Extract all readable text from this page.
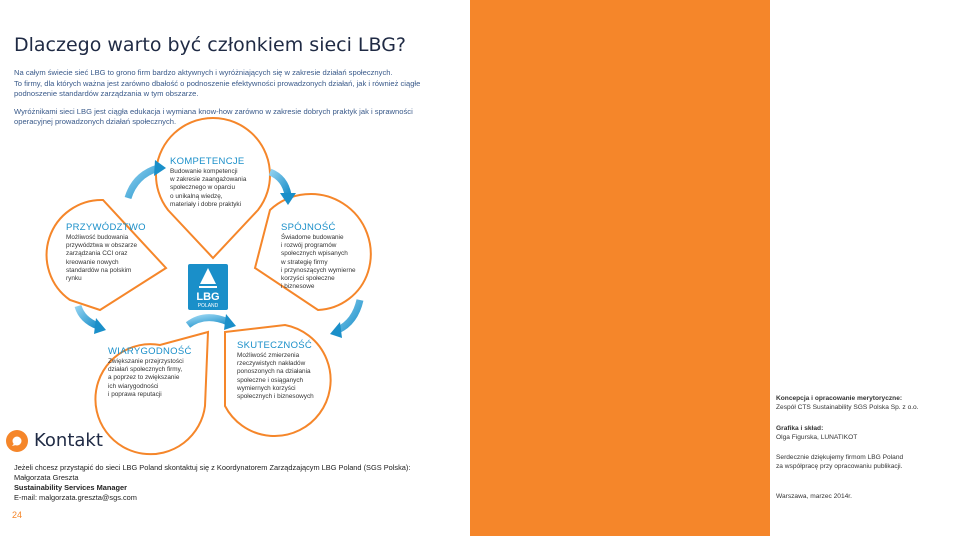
Dlaczego warto być członkiem sieci LBG?

Na całym świecie sieć LBG to grono firm bardzo aktywnych i wyróżniających się w zakresie działań społecznych.
To firmy, dla których ważna jest zarówno dbałość o podnoszenie efektywności prowadzonych działań, jak i również ciągłe
podnoszenie standardów zarządzania w tym obszarze.

Wyróżnikami sieci LBG jest ciągła edukacja i wymiana know-how zarówno w zakresie dobrych praktyk jak i sprawności
operacyjnej prowadzonych działań społecznych.

LBG
POLAND
KOMPETENCJE
Budowanie kompetencji
w zakresie zaangażowania
społecznego w oparciu
o unikalną wiedzę,
materiały i dobre praktyki
PRZYWÓDZTWO
Możliwość budowania
przywództwa w obszarze
zarządzania CCI oraz
kreowanie nowych
standardów na polskim
rynku
SPÓJNOŚĆ
Świadome budowanie
i rozwój programów
społecznych wpisanych
w strategię firmy
i przynoszących wymierne
korzyści społeczne
i biznesowe
WIARYGODNOŚĆ
Zwiększanie przejrzystości
działań społecznych firmy,
a poprzez to zwiększanie
ich wiarygodności
i poprawa reputacji
SKUTECZNOŚĆ
Możliwość zmierzenia
rzeczywistych nakładów
ponoszonych na działania
społeczne i osiąganych
wymiernych korzyści
społecznych i biznesowych
Kontakt
Jeżeli chcesz przystąpić do sieci LBG Poland skontaktuj się z Koordynatorem Zarządzającym LBG Poland (SGS Polska):
Małgorzata Greszta
Sustainability Services Manager
E-mail: malgorzata.greszta@sgs.com
24
Koncepcja i opracowanie merytoryczne:
Zespół CTS Sustainability SGS Polska Sp. z o.o.
Grafika i skład:
Olga Figurska, LUNATIKOT
Serdecznie dziękujemy firmom LBG Poland
za współpracę przy opracowaniu publikacji.
Warszawa, marzec 2014r.
